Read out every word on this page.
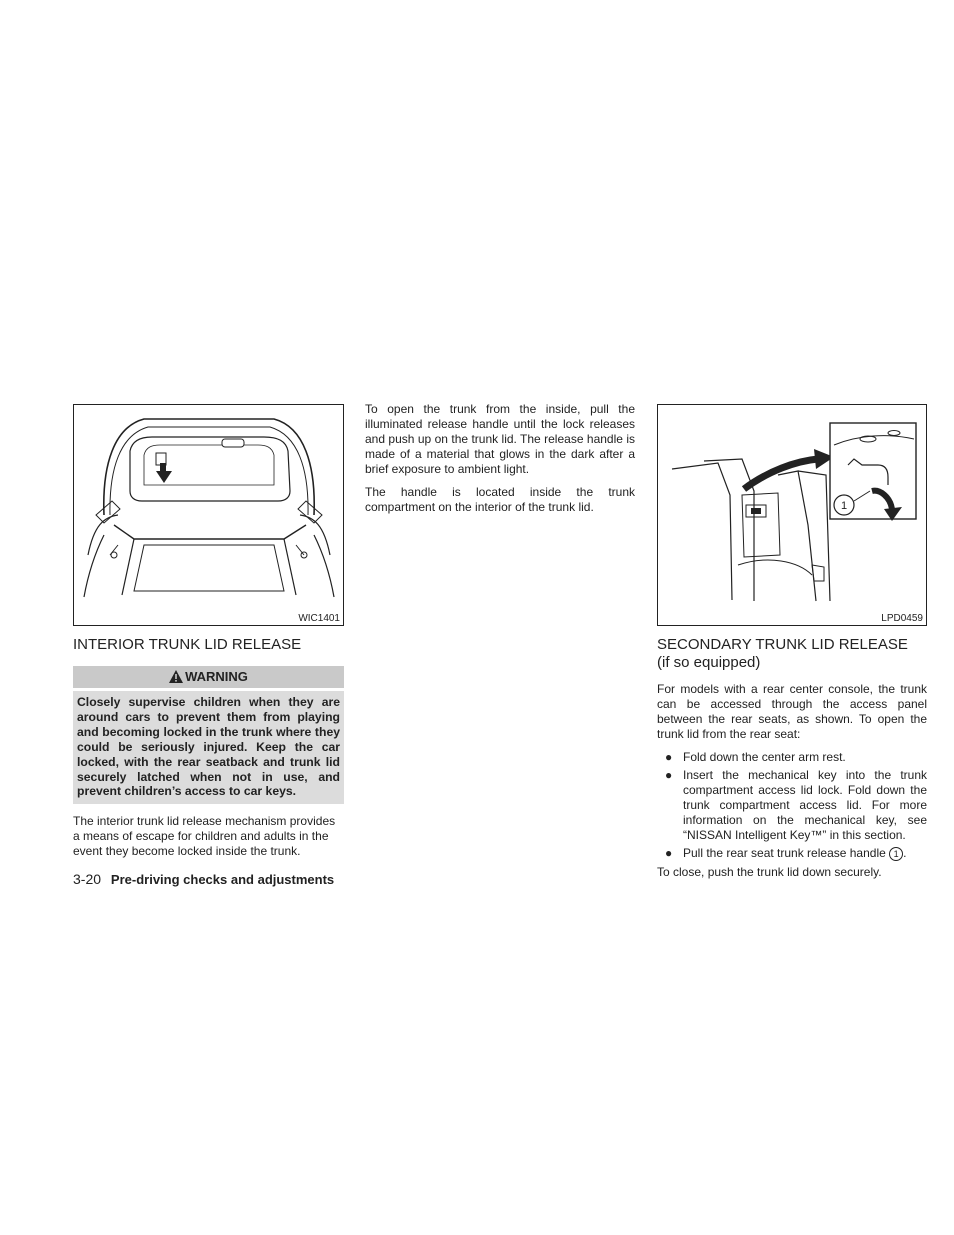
WIC1401
INTERIOR TRUNK LID RELEASE
WARNING
Closely supervise children when they are around cars to prevent them from playing and becoming locked in the trunk where they could be seriously injured. Keep the car locked, with the rear seatback and trunk lid securely latched when not in use, and prevent children’s access to car keys.

The interior trunk lid release mechanism provides a means of escape for children and adults in the event they become locked inside the trunk.

To open the trunk from the inside, pull the illuminated release handle until the lock releases and push up on the trunk lid. The release handle is made of a material that glows in the dark after a brief exposure to ambient light.

The handle is located inside the trunk compartment on the interior of the trunk lid.	1
LPD0459
SECONDARY TRUNK LID RELEASE

(if so equipped)

For models with a rear center console, the trunk can be accessed through the access panel between the rear seats, as shown. To open the trunk lid from the rear seat:

● Fold down the center arm rest.
● Insert the mechanical key into the trunk compartment access lid lock. Fold down the trunk compartment access lid. For more information on the mechanical key, see “NISSAN Intelligent Key™” in this section.
● Pull the rear seat trunk release handle 1 .

To close, push the trunk lid down securely.

3-20 Pre-driving checks and adjustments
